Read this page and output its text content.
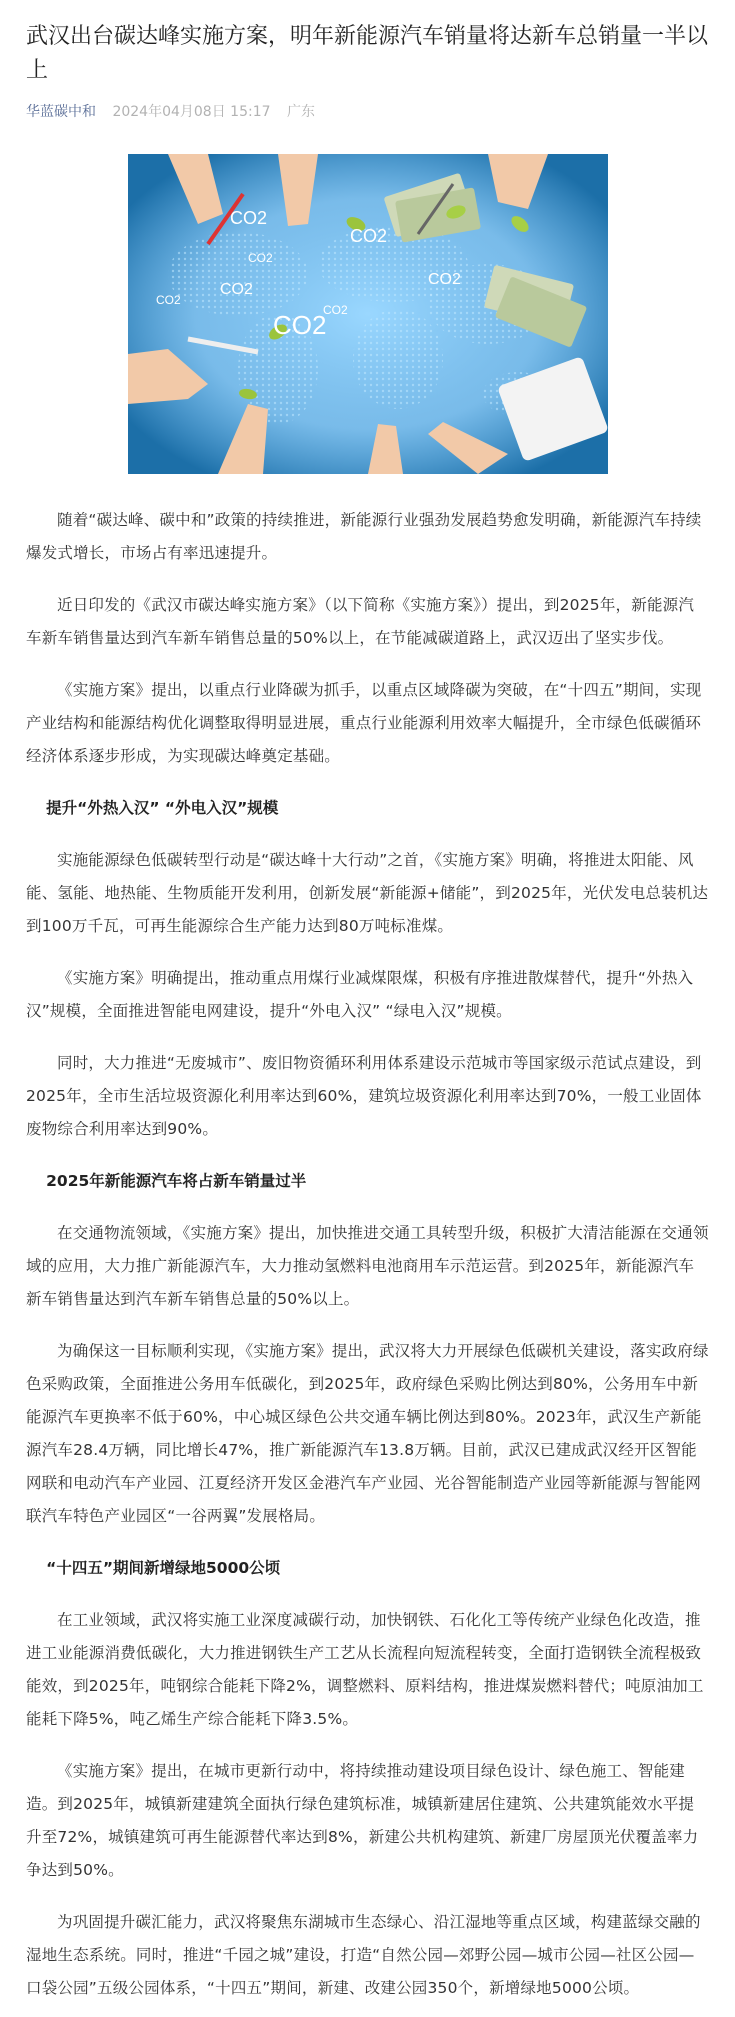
武汉出台碳达峰实施方案，明年新能源汽车销量将达新车总销量一半以上
华蓝碳中和 2024年04月08日 15:17 广东
CO2
CO2
CO2
CO2
CO2
CO2
CO2
CO2

随着“碳达峰、碳中和”政策的持续推进，新能源行业强劲发展趋势愈发明确，新能源汽车持续爆发式增长，市场占有率迅速提升。

近日印发的《武汉市碳达峰实施方案》（以下简称《实施方案》）提出，到2025年，新能源汽车新车销售量达到汽车新车销售总量的50%以上，在节能减碳道路上，武汉迈出了坚实步伐。

《实施方案》提出，以重点行业降碳为抓手，以重点区域降碳为突破，在“十四五”期间，实现产业结构和能源结构优化调整取得明显进展，重点行业能源利用效率大幅提升，全市绿色低碳循环经济体系逐步形成，为实现碳达峰奠定基础。

提升“外热入汉” “外电入汉”规模

实施能源绿色低碳转型行动是“碳达峰十大行动”之首，《实施方案》明确，将推进太阳能、风能、氢能、地热能、生物质能开发利用，创新发展“新能源+储能”，到2025年，光伏发电总装机达到100万千瓦，可再生能源综合生产能力达到80万吨标准煤。

《实施方案》明确提出，推动重点用煤行业减煤限煤，积极有序推进散煤替代，提升“外热入汉”规模，全面推进智能电网建设，提升“外电入汉” “绿电入汉”规模。

同时，大力推进“无废城市”、废旧物资循环利用体系建设示范城市等国家级示范试点建设，到2025年，全市生活垃圾资源化利用率达到60%，建筑垃圾资源化利用率达到70%，一般工业固体废物综合利用率达到90%。

2025年新能源汽车将占新车销量过半

在交通物流领域，《实施方案》提出，加快推进交通工具转型升级，积极扩大清洁能源在交通领域的应用，大力推广新能源汽车，大力推动氢燃料电池商用车示范运营。到2025年，新能源汽车新车销售量达到汽车新车销售总量的50%以上。

为确保这一目标顺利实现，《实施方案》提出，武汉将大力开展绿色低碳机关建设，落实政府绿色采购政策，全面推进公务用车低碳化，到2025年，政府绿色采购比例达到80%，公务用车中新能源汽车更换率不低于60%，中心城区绿色公共交通车辆比例达到80%。2023年，武汉生产新能源汽车28.4万辆，同比增长47%，推广新能源汽车13.8万辆。目前，武汉已建成武汉经开区智能网联和电动汽车产业园、江夏经济开发区金港汽车产业园、光谷智能制造产业园等新能源与智能网联汽车特色产业园区“一谷两翼”发展格局。

“十四五”期间新增绿地5000公顷

在工业领域，武汉将实施工业深度减碳行动，加快钢铁、石化化工等传统产业绿色化改造，推进工业能源消费低碳化，大力推进钢铁生产工艺从长流程向短流程转变，全面打造钢铁全流程极致能效，到2025年，吨钢综合能耗下降2%，调整燃料、原料结构，推进煤炭燃料替代；吨原油加工能耗下降5%，吨乙烯生产综合能耗下降3.5%。

《实施方案》提出，在城市更新行动中，将持续推动建设项目绿色设计、绿色施工、智能建造。到2025年，城镇新建建筑全面执行绿色建筑标准，城镇新建居住建筑、公共建筑能效水平提升至72%，城镇建筑可再生能源替代率达到8%，新建公共机构建筑、新建厂房屋顶光伏覆盖率力争达到50%。

为巩固提升碳汇能力，武汉将聚焦东湖城市生态绿心、沿江湿地等重点区域，构建蓝绿交融的湿地生态系统。同时，推进“千园之城”建设，打造“自然公园—郊野公园—城市公园—社区公园—口袋公园”五级公园体系，“十四五”期间，新建、改建公园350个，新增绿地5000公顷。
